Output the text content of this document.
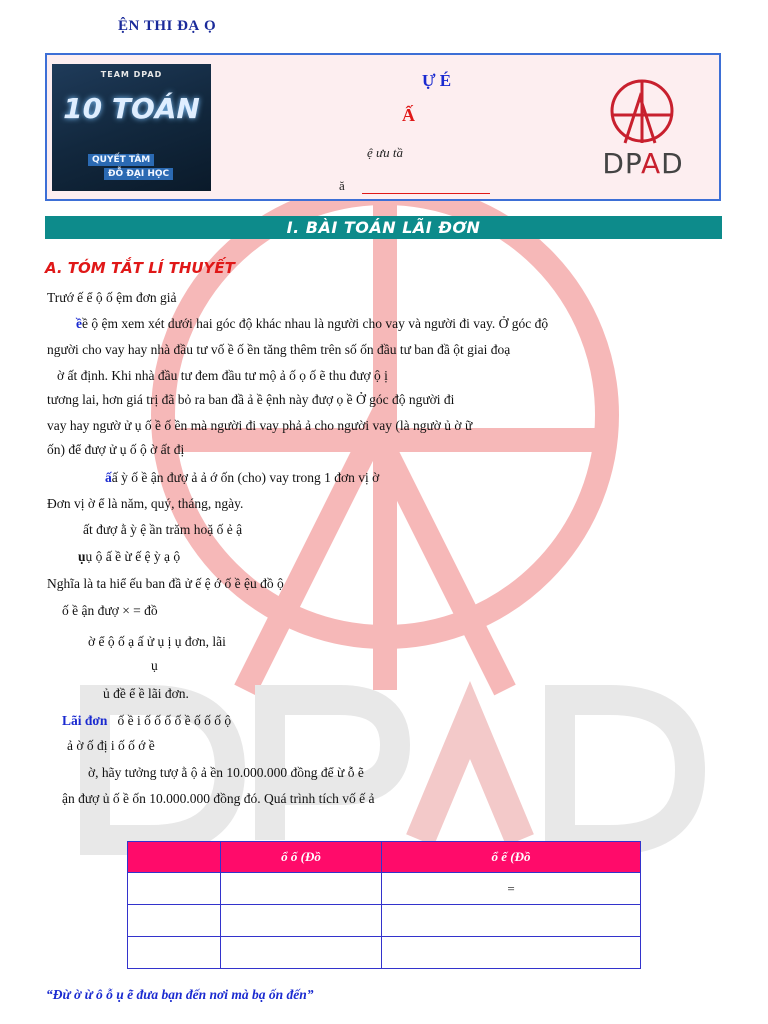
ỆN THI ĐẠ Ọ
TEAM DPAD
10 TOÁN
QUYẾT TÂM
ĐỖ ĐẠI HỌC
Ự É
Ấ
ệ ưu tầ
ă
DPAD
I. BÀI TOÁN LÃI ĐƠN
A. TÓM TẮT LÍ THUYẾT
Trướ ế ể ộ ố ệm đơn giả
ềề ộ ệm xem xét dưới hai góc độ khác nhau là người cho vay và người đi vay. Ở góc độ
người cho vay hay nhà đầu tư vố ề ố ền tăng thêm trên số ốn đầu tư ban đầ ột giai đoạ
ờ ất định. Khi nhà đầu tư đem đầu tư mộ ả ố ọ ố ẽ thu đượ ộ ị
tương lai, hơn giá trị đã bỏ ra ban đầ ả ề ệnh này đượ ọ ề Ở góc độ người đi
vay hay ngườ ử ụ ố ề ố ền mà người đi vay phả ả cho người vay (là ngườ ủ ờ ữ
ốn) để đượ ử ụ ố ộ ờ ất đị
ấấ ỳ ố ề ận đượ ả ả ớ ốn (cho) vay trong 1 đơn vị ờ
Đơn vị ờ ể là năm, quý, tháng, ngày.
ất đượ ằ ỳ ệ ần trăm hoặ ố ẻ ậ
ụụ ộ ấ ề ừ ế ệ ỳ ạ ộ
Nghĩa là ta hiể ếu ban đầ ử ế ệ ớ ố ề ệu đồ ộ
ố ề ận đượ × = đồ
ờ ể ộ ố ạ ấ ử ụ ị ụ đơn, lãi
ụ
ủ đề ể ề lãi đơn.
Lãi đơn ố ề i ố ố ố ố ề ố ố ố ộ
ả ờ ố đị i ố ố ớ ề
ờ, hãy tưởng tượ ằ ộ ả ền 10.000.000 đồng để ừ ỗ ẽ
ận đượ ủ ố ề ốn 10.000.000 đồng đó. Quá trình tích vố ế ả
	ổ ố (Đồ	ổ ế (Đồ
		=

“Đừ ờ ừ ô ỗ ụ ẽ đưa bạn đến nơi mà bạ ốn đến”
